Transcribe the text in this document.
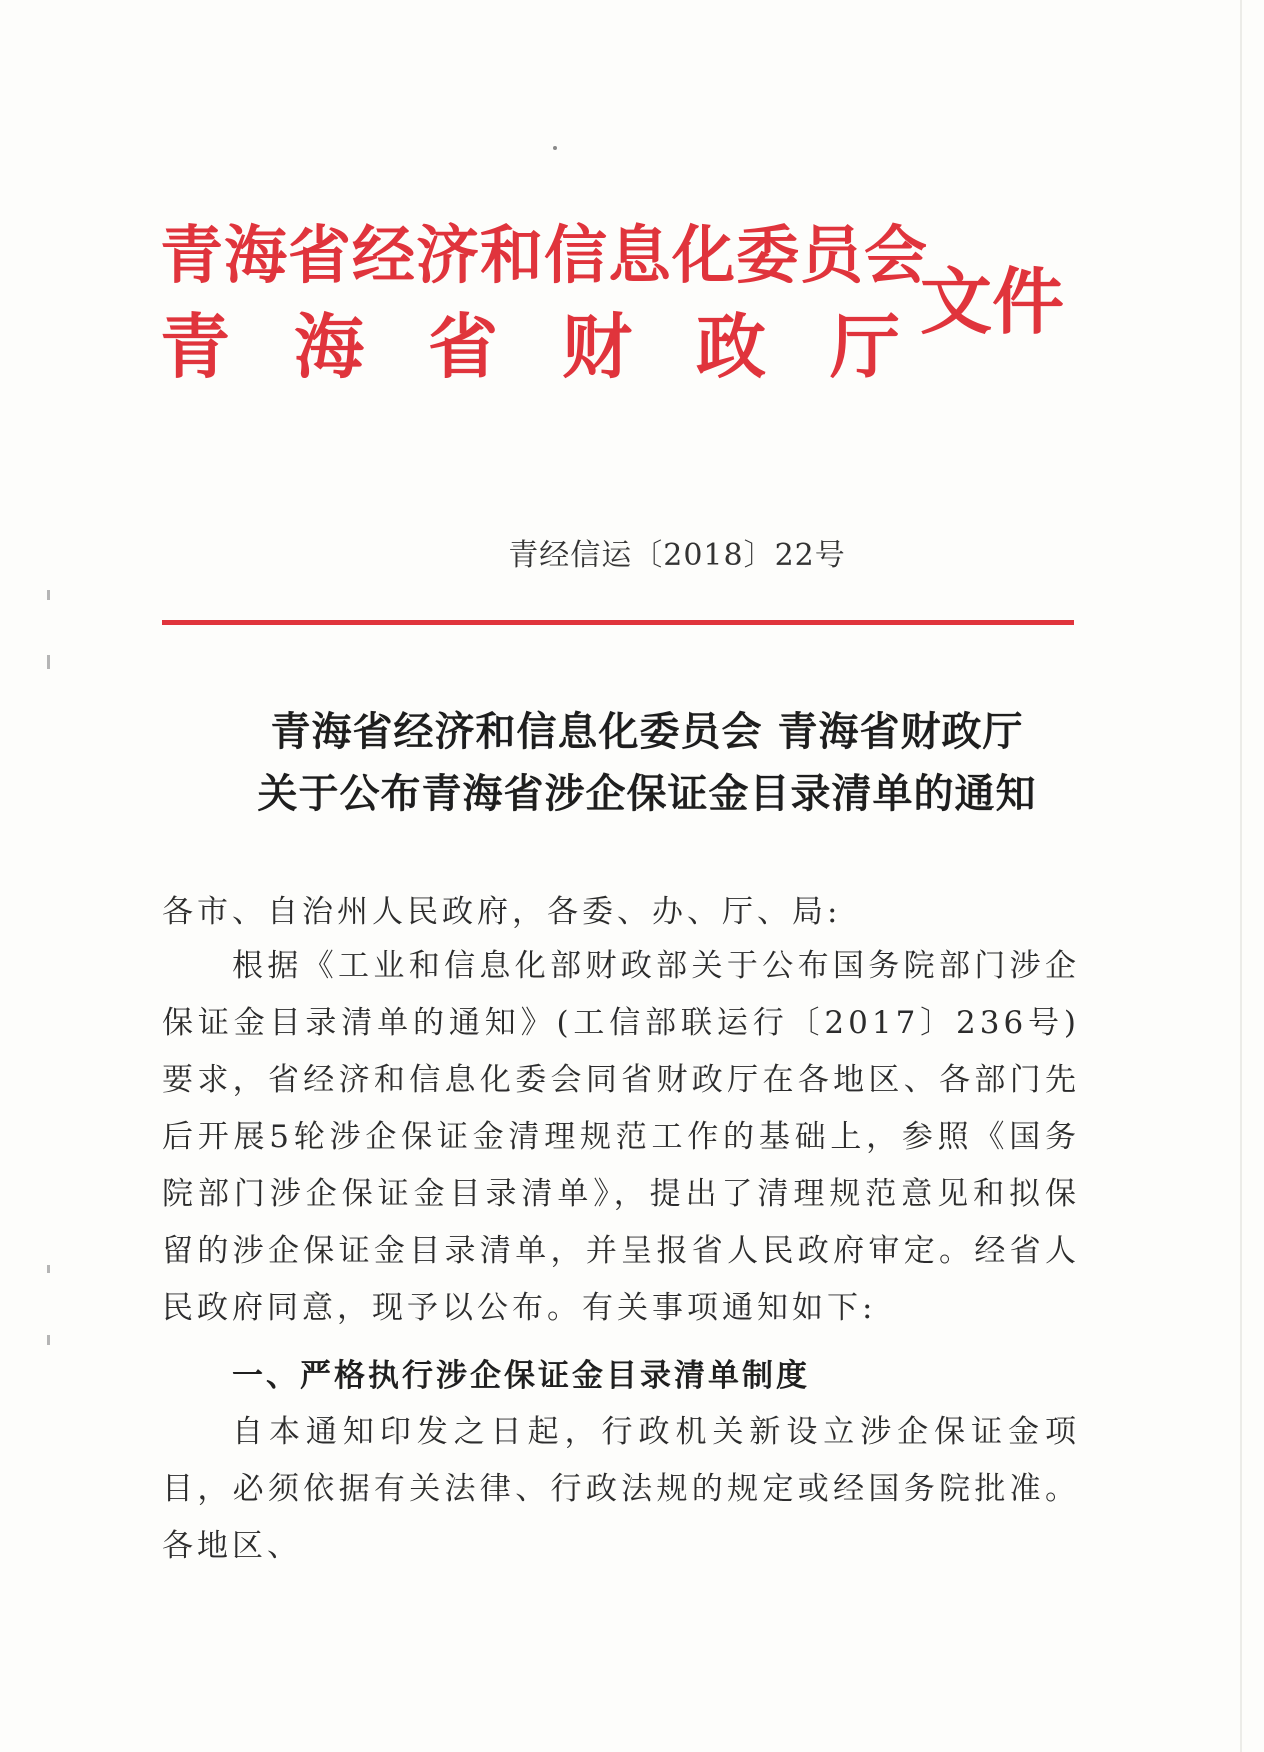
青海省经济和信息化委员会
青海省财政厅
文件
青经信运〔2018〕22号
青海省经济和信息化委员会 青海省财政厅
关于公布青海省涉企保证金目录清单的通知
各市、自治州人民政府，各委、办、厅、局:
根据《工业和信息化部财政部关于公布国务院部门涉企保证金目录清单的通知》(工信部联运行〔2017〕236号)要求，省经济和信息化委会同省财政厅在各地区、各部门先后开展5轮涉企保证金清理规范工作的基础上，参照《国务院部门涉企保证金目录清单》，提出了清理规范意见和拟保留的涉企保证金目录清单，并呈报省人民政府审定。经省人民政府同意，现予以公布。有关事项通知如下:
一、严格执行涉企保证金目录清单制度
自本通知印发之日起，行政机关新设立涉企保证金项目，必须依据有关法律、行政法规的规定或经国务院批准。各地区、
